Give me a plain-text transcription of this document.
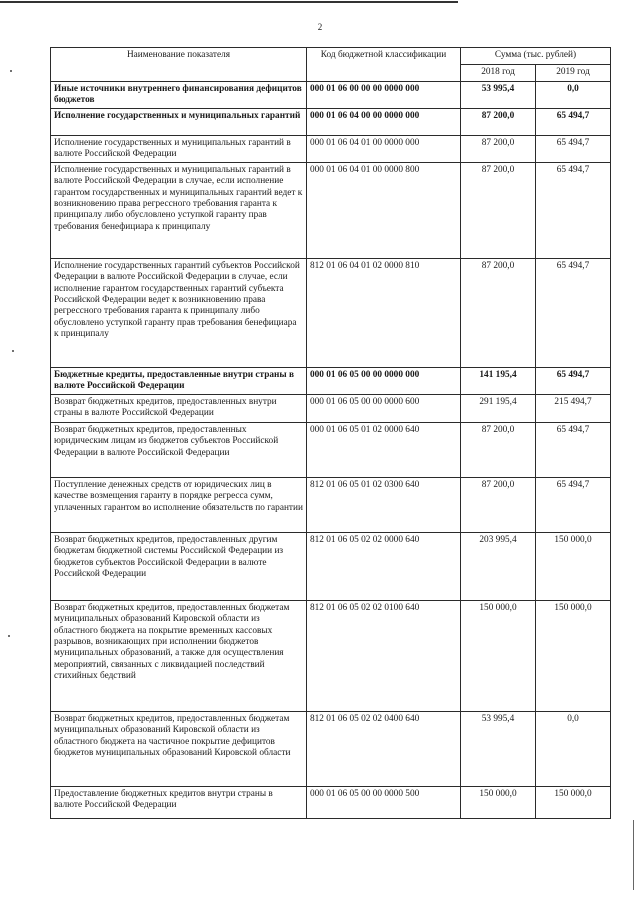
2
Наименование показателя	Код бюджетной классификации	Сумма (тыс. рублей)	
		2018 год	2019 год
Иные источники внутреннего финансирования дефицитов бюджетов	000 01 06 00 00 00 0000 000	53 995,4	0,0
Исполнение государственных и муниципальных гарантий	000 01 06 04 00 00 0000 000	87 200,0	65 494,7
Исполнение государственных и муниципальных гарантий в валюте Российской Федерации	000 01 06 04 01 00 0000 000	87 200,0	65 494,7
Исполнение государственных и муниципальных гарантий в валюте Российской Федерации в случае, если исполнение гарантом государственных и муниципальных гарантий ведет к возникновению права регрессного требования гаранта к принципалу либо обусловлено уступкой гаранту прав требования бенефициара к принципалу	000 01 06 04 01 00 0000 800	87 200,0	65 494,7
Исполнение государственных гарантий субъектов Российской Федерации в валюте Российской Федерации в случае, если исполнение гарантом государственных гарантий субъекта Российской Федерации ведет к возникновению права регрессного требования гаранта к принципалу либо обусловлено уступкой гаранту прав требования бенефициара к принципалу	812 01 06 04 01 02 0000 810	87 200,0	65 494,7
Бюджетные кредиты, предоставленные внутри страны в валюте Российской Федерации	000 01 06 05 00 00 0000 000	141 195,4	65 494,7
Возврат бюджетных кредитов, предоставленных внутри страны в валюте Российской Федерации	000 01 06 05 00 00 0000 600	291 195,4	215 494,7
Возврат бюджетных кредитов, предоставленных юридическим лицам из бюджетов субъектов Российской Федерации в валюте Российской Федерации	000 01 06 05 01 02 0000 640	87 200,0	65 494,7
Поступление денежных средств от юридических лиц в качестве возмещения гаранту в порядке регресса сумм, уплаченных гарантом во исполнение обязательств по гарантии	812 01 06 05 01 02 0300 640	87 200,0	65 494,7
Возврат бюджетных кредитов, предоставленных другим бюджетам бюджетной системы Российской Федерации из бюджетов субъектов Российской Федерации в валюте Российской Федерации	812 01 06 05 02 02 0000 640	203 995,4	150 000,0
Возврат бюджетных кредитов, предоставленных бюджетам муниципальных образований Кировской области из областного бюджета на покрытие временных кассовых разрывов, возникающих при исполнении бюджетов муниципальных образований, а также для осуществления мероприятий, связанных с ликвидацией последствий стихийных бедствий	812 01 06 05 02 02 0100 640	150 000,0	150 000,0
Возврат бюджетных кредитов, предоставленных бюджетам муниципальных образований Кировской области из областного бюджета на частичное покрытие дефицитов бюджетов муниципальных образований Кировской области	812 01 06 05 02 02 0400 640	53 995,4	0,0
Предоставление бюджетных кредитов внутри страны в валюте Российской Федерации	000 01 06 05 00 00 0000 500	150 000,0	150 000,0
